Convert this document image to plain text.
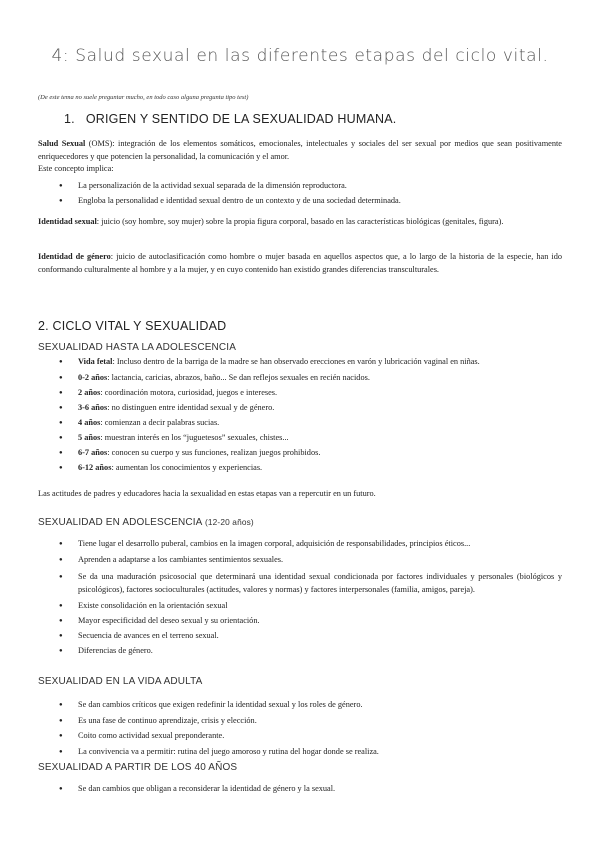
4: Salud sexual en las diferentes etapas del ciclo vital.
(De este tema no suele preguntar mucho, en todo caso alguna pregunta tipo test)
1. ORIGEN Y SENTIDO DE LA SEXUALIDAD HUMANA.
Salud Sexual (OMS): integración de los elementos somáticos, emocionales, intelectuales y sociales del ser sexual por medios que sean positivamente enriquecedores y que potencien la personalidad, la comunicación y el amor.
Este concepto implica:
● La personalización de la actividad sexual separada de la dimensión reproductora.
● Engloba la personalidad e identidad sexual dentro de un contexto y de una sociedad determinada.
Identidad sexual: juicio (soy hombre, soy mujer) sobre la propia figura corporal, basado en las características biológicas (genitales, figura).
Identidad de género: juicio de autoclasificación como hombre o mujer basada en aquellos aspectos que, a lo largo de la historia de la especie, han ido conformando culturalmente al hombre y a la mujer, y en cuyo contenido han existido grandes diferencias transculturales.
2. CICLO VITAL Y SEXUALIDAD
SEXUALIDAD HASTA LA ADOLESCENCIA
● Vida fetal: Incluso dentro de la barriga de la madre se han observado erecciones en varón y lubricación vaginal en niñas.
● 0-2 años: lactancia, caricias, abrazos, baño... Se dan reflejos sexuales en recién nacidos.
● 2 años: coordinación motora, curiosidad, juegos e intereses.
● 3-6 años: no distinguen entre identidad sexual y de género.
● 4 años: comienzan a decir palabras sucias.
● 5 años: muestran interés en los “juguetesos” sexuales, chistes...
● 6-7 años: conocen su cuerpo y sus funciones, realizan juegos prohibidos.
● 6-12 años: aumentan los conocimientos y experiencias.
Las actitudes de padres y educadores hacia la sexualidad en estas etapas van a repercutir en un futuro.
SEXUALIDAD EN ADOLESCENCIA (12-20 años)
● Tiene lugar el desarrollo puberal, cambios en la imagen corporal, adquisición de responsabilidades, principios éticos...
● Aprenden a adaptarse a los cambiantes sentimientos sexuales.
● Se da una maduración psicosocial que determinará una identidad sexual condicionada por factores individuales y personales (biológicos y psicológicos), factores socioculturales (actitudes, valores y normas) y factores interpersonales (familia, amigos, pareja).
● Existe consolidación en la orientación sexual
● Mayor especificidad del deseo sexual y su orientación.
● Secuencia de avances en el terreno sexual.
● Diferencias de género.
SEXUALIDAD EN LA VIDA ADULTA
● Se dan cambios críticos que exigen redefinir la identidad sexual y los roles de género.
● Es una fase de continuo aprendizaje, crisis y elección.
● Coito como actividad sexual preponderante.
● La convivencia va a permitir: rutina del juego amoroso y rutina del hogar donde se realiza.
SEXUALIDAD A PARTIR DE LOS 40 AÑOS
● Se dan cambios que obligan a reconsiderar la identidad de género y la sexual.
